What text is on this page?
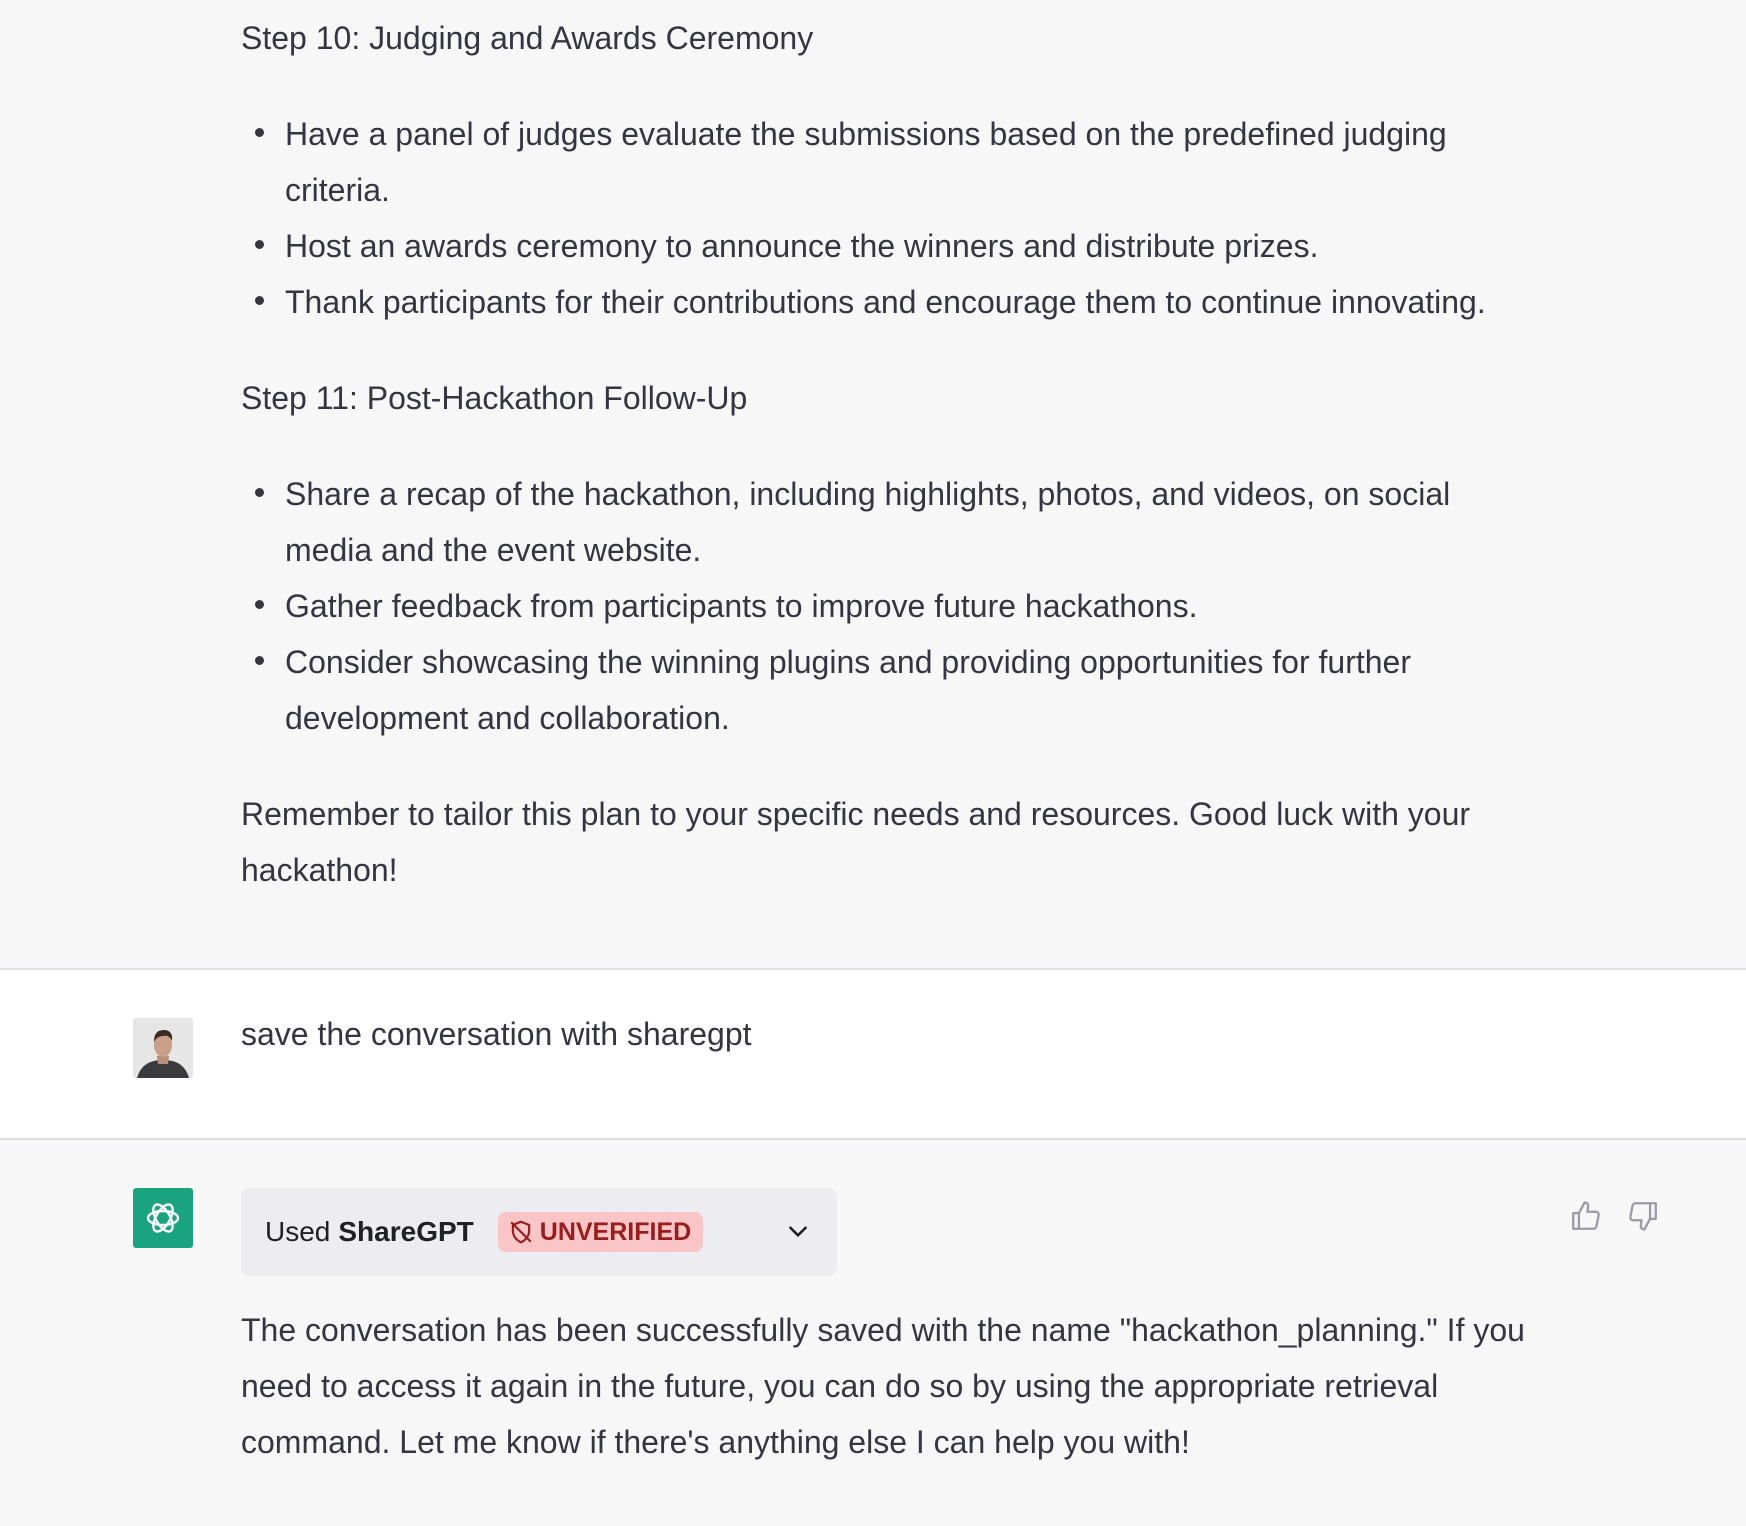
Step 10: Judging and Awards Ceremony

Have a panel of judges evaluate the submissions based on the predefined judging criteria.
Host an awards ceremony to announce the winners and distribute prizes.
Thank participants for their contributions and encourage them to continue innovating.

Step 11: Post-Hackathon Follow-Up

Share a recap of the hackathon, including highlights, photos, and videos, on social media and the event website.
Gather feedback from participants to improve future hackathons.
Consider showcasing the winning plugins and providing opportunities for further development and collaboration.

Remember to tailor this plan to your specific needs and resources. Good luck with your hackathon!

save the conversation with sharegpt
Used ShareGPT	UNVERIFIED

The conversation has been successfully saved with the name "hackathon_planning." If you need to access it again in the future, you can do so by using the appropriate retrieval command. Let me know if there's anything else I can help you with!
